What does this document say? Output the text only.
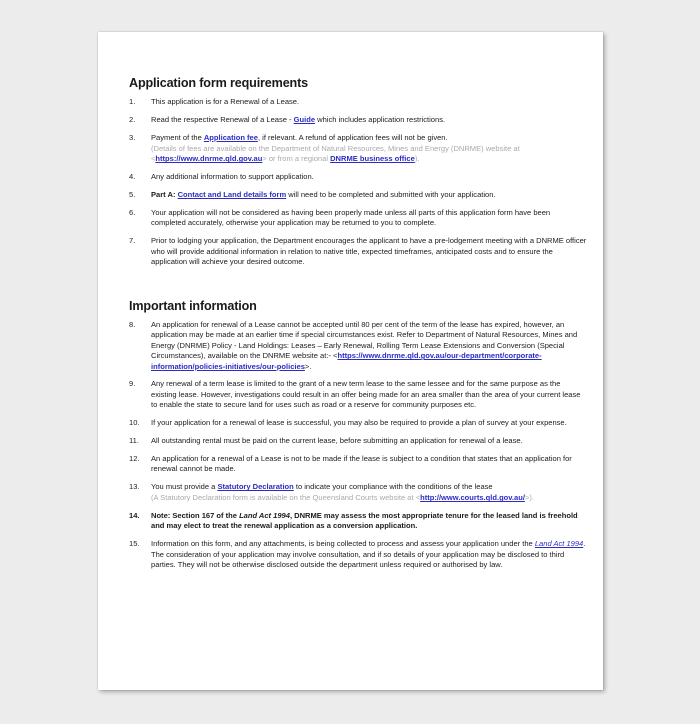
Application form requirements
1.	This application is for a Renewal of a Lease.
2.	Read the respective Renewal of a Lease - Guide which includes application restrictions.
3.	Payment of the Application fee, if relevant. A refund of application fees will not be given.
(Details of fees are available on the Department of Natural Resources, Mines and Energy (DNRME) website at <https://www.dnrme.qld.gov.au> or from a regional DNRME business office).
4.	Any additional information to support application.
5.	Part A: Contact and Land details form will need to be completed and submitted with your application.
6.	Your application will not be considered as having been properly made unless all parts of this application form have been completed accurately, otherwise your application may be returned to you to complete.
7.	Prior to lodging your application, the Department encourages the applicant to have a pre-lodgement meeting with a DNRME officer who will provide additional information in relation to native title, expected timeframes, anticipated costs and to ensure the application will achieve your desired outcome.
Important information
8.	An application for renewal of a Lease cannot be accepted until 80 per cent of the term of the lease has expired, however, an application may be made at an earlier time if special circumstances exist. Refer to Department of Natural Resources, Mines and Energy (DNRME) Policy - Land Holdings: Leases – Early Renewal, Rolling Term Lease Extensions and Conversion (Special Circumstances), available on the DNRME website at:- <https://www.dnrme.qld.gov.au/our-department/corporate-information/policies-initiatives/our-policies>.
9.	Any renewal of a term lease is limited to the grant of a new term lease to the same lessee and for the same purpose as the existing lease. However, investigations could result in an offer being made for an area smaller than the area of your current lease to enable the state to secure land for uses such as road or a reserve for community purposes etc.
10.	If your application for a renewal of lease is successful, you may also be required to provide a plan of survey at your expense.
11.	All outstanding rental must be paid on the current lease, before submitting an application for renewal of a lease.
12.	An application for a renewal of a Lease is not to be made if the lease is subject to a condition that states that an application for renewal cannot be made.
13.	You must provide a Statutory Declaration to indicate your compliance with the conditions of the lease
(A Statutory Declaration form is available on the Queensland Courts website at <http://www.courts.qld.gov.au/>).
14.	Note: Section 167 of the Land Act 1994, DNRME may assess the most appropriate tenure for the leased land is freehold and may elect to treat the renewal application as a conversion application.
15.	Information on this form, and any attachments, is being collected to process and assess your application under the Land Act 1994. The consideration of your application may involve consultation, and if so details of your application may be disclosed to third parties. They will not be otherwise disclosed outside the department unless required or authorised by law.
